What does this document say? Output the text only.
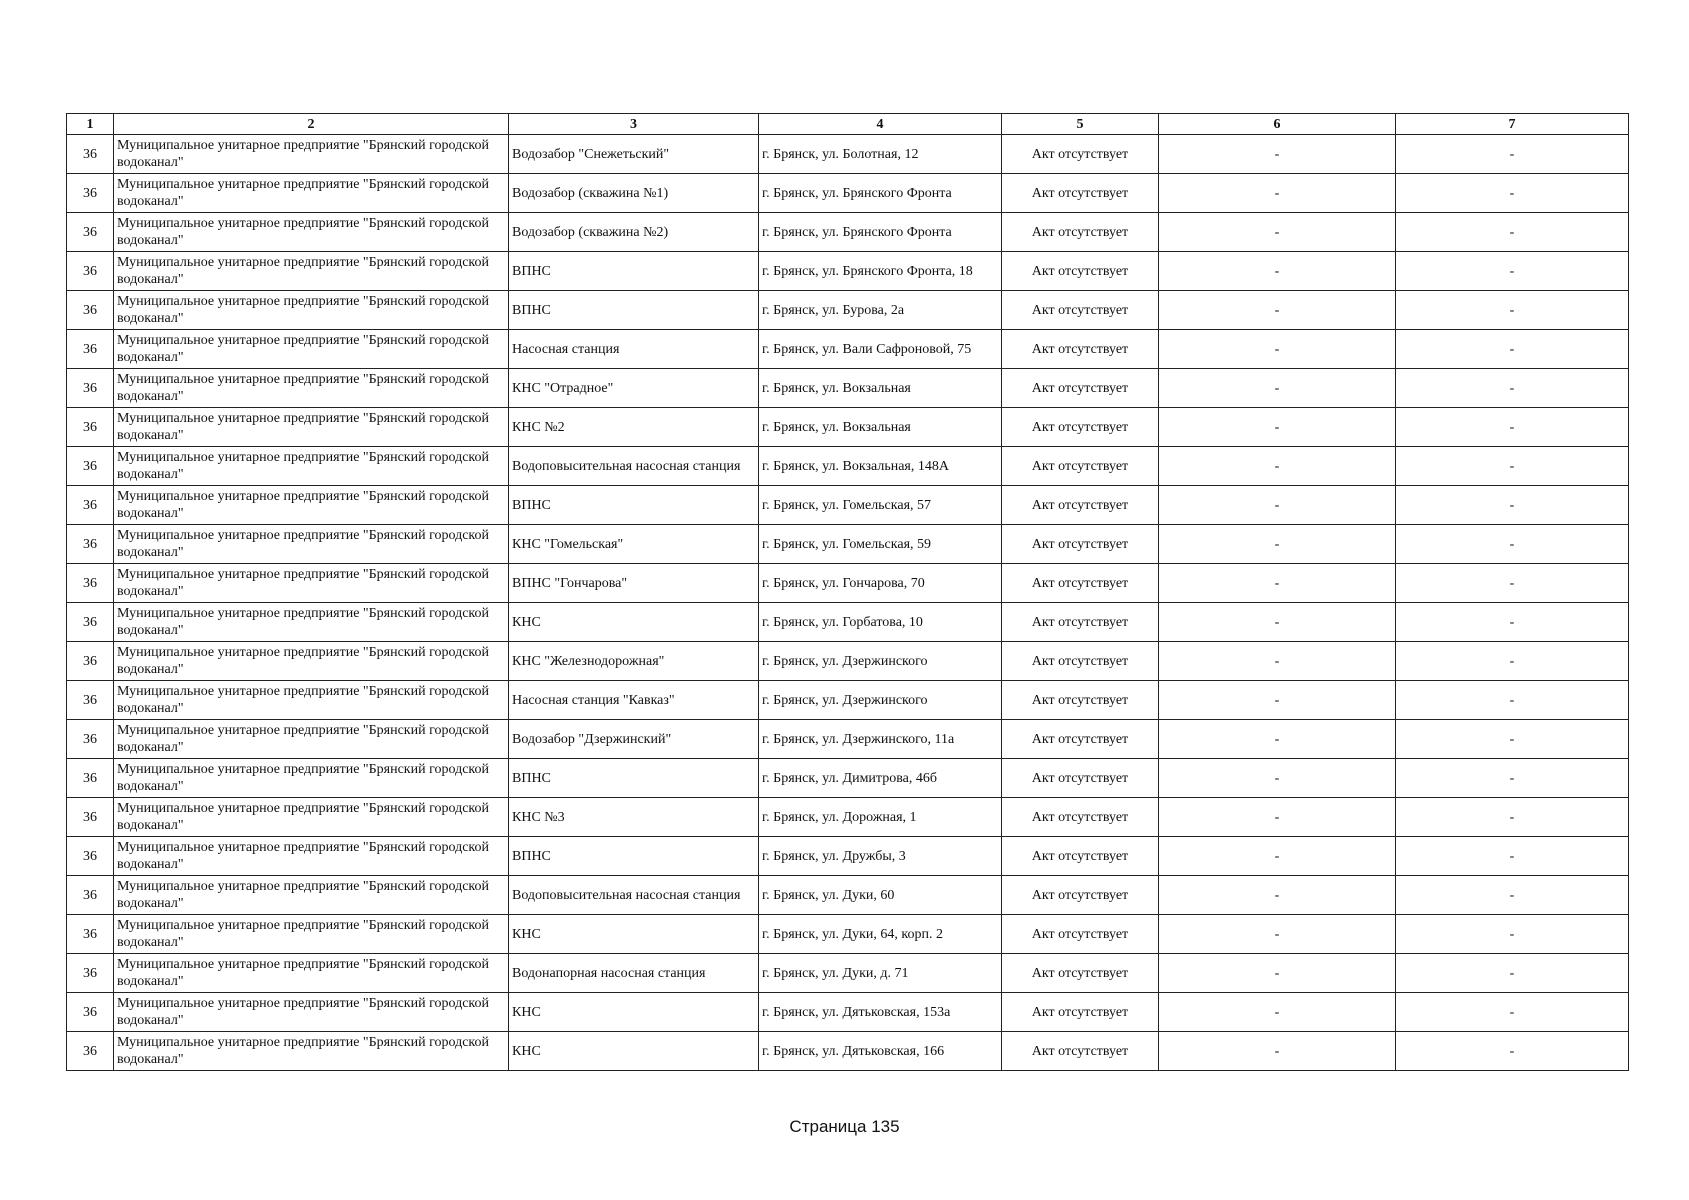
1	2	3	4	5	6	7
36	Муниципальное унитарное предприятие "Брянский городской водоканал"	Водозабор "Снежетьский"	г. Брянск, ул. Болотная, 12	Акт отсутствует	-	-
36	Муниципальное унитарное предприятие "Брянский городской водоканал"	Водозабор (скважина №1)	г. Брянск, ул. Брянского Фронта	Акт отсутствует	-	-
36	Муниципальное унитарное предприятие "Брянский городской водоканал"	Водозабор (скважина №2)	г. Брянск, ул. Брянского Фронта	Акт отсутствует	-	-
36	Муниципальное унитарное предприятие "Брянский городской водоканал"	ВПНС	г. Брянск, ул. Брянского Фронта, 18	Акт отсутствует	-	-
36	Муниципальное унитарное предприятие "Брянский городской водоканал"	ВПНС	г. Брянск, ул. Бурова, 2а	Акт отсутствует	-	-
36	Муниципальное унитарное предприятие "Брянский городской водоканал"	Насосная станция	г. Брянск, ул. Вали Сафроновой, 75	Акт отсутствует	-	-
36	Муниципальное унитарное предприятие "Брянский городской водоканал"	КНС "Отрадное"	г. Брянск, ул. Вокзальная	Акт отсутствует	-	-
36	Муниципальное унитарное предприятие "Брянский городской водоканал"	КНС №2	г. Брянск, ул. Вокзальная	Акт отсутствует	-	-
36	Муниципальное унитарное предприятие "Брянский городской водоканал"	Водоповысительная насосная станция	г. Брянск, ул. Вокзальная, 148А	Акт отсутствует	-	-
36	Муниципальное унитарное предприятие "Брянский городской водоканал"	ВПНС	г. Брянск, ул. Гомельская, 57	Акт отсутствует	-	-
36	Муниципальное унитарное предприятие "Брянский городской водоканал"	КНС "Гомельская"	г. Брянск, ул. Гомельская, 59	Акт отсутствует	-	-
36	Муниципальное унитарное предприятие "Брянский городской водоканал"	ВПНС "Гончарова"	г. Брянск, ул. Гончарова, 70	Акт отсутствует	-	-
36	Муниципальное унитарное предприятие "Брянский городской водоканал"	КНС	г. Брянск, ул. Горбатова, 10	Акт отсутствует	-	-
36	Муниципальное унитарное предприятие "Брянский городской водоканал"	КНС "Железнодорожная"	г. Брянск, ул. Дзержинского	Акт отсутствует	-	-
36	Муниципальное унитарное предприятие "Брянский городской водоканал"	Насосная станция "Кавказ"	г. Брянск, ул. Дзержинского	Акт отсутствует	-	-
36	Муниципальное унитарное предприятие "Брянский городской водоканал"	Водозабор "Дзержинский"	г. Брянск, ул. Дзержинского, 11а	Акт отсутствует	-	-
36	Муниципальное унитарное предприятие "Брянский городской водоканал"	ВПНС	г. Брянск, ул. Димитрова, 46б	Акт отсутствует	-	-
36	Муниципальное унитарное предприятие "Брянский городской водоканал"	КНС №3	г. Брянск, ул. Дорожная, 1	Акт отсутствует	-	-
36	Муниципальное унитарное предприятие "Брянский городской водоканал"	ВПНС	г. Брянск, ул. Дружбы, 3	Акт отсутствует	-	-
36	Муниципальное унитарное предприятие "Брянский городской водоканал"	Водоповысительная насосная станция	г. Брянск, ул. Дуки, 60	Акт отсутствует	-	-
36	Муниципальное унитарное предприятие "Брянский городской водоканал"	КНС	г. Брянск, ул. Дуки, 64, корп. 2	Акт отсутствует	-	-
36	Муниципальное унитарное предприятие "Брянский городской водоканал"	Водонапорная насосная станция	г. Брянск, ул. Дуки, д. 71	Акт отсутствует	-	-
36	Муниципальное унитарное предприятие "Брянский городской водоканал"	КНС	г. Брянск, ул. Дятьковская, 153а	Акт отсутствует	-	-
36	Муниципальное унитарное предприятие "Брянский городской водоканал"	КНС	г. Брянск, ул. Дятьковская, 166	Акт отсутствует	-	-
Страница 135
